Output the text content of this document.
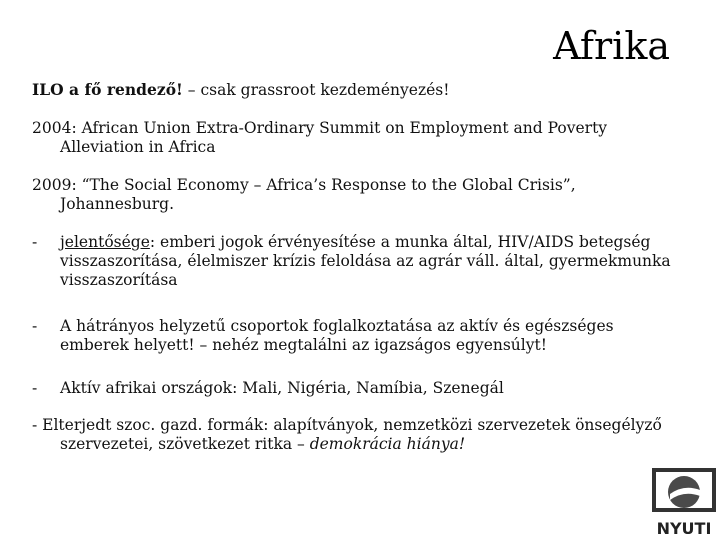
Afrika

ILO a fő rendező! – csak grassroot kezdeményezés!

2004: African Union Extra-Ordinary Summit on Employment and Poverty Alleviation in Africa

2009: “The Social Economy – Africa’s Response to the Global Crisis”, Johannesburg.

- jelentősége: emberi jogok érvényesítése a munka által, HIV/AIDS betegség visszaszorítása, élelmiszer krízis feloldása az agrár váll. által, gyermekmunka visszaszorítása
- A hátrányos helyzetű csoportok foglalkoztatása az aktív és egészséges emberek helyett! – nehéz megtalálni az igazságos egyensúlyt!
- Aktív afrikai országok: Mali, Nigéria, Namíbia, Szenegál

- Elterjedt szoc. gazd. formák: alapítványok, nemzetközi szervezetek önsegélyző szervezetei, szövetkezet ritka – demokrácia hiánya!

NYUTI
